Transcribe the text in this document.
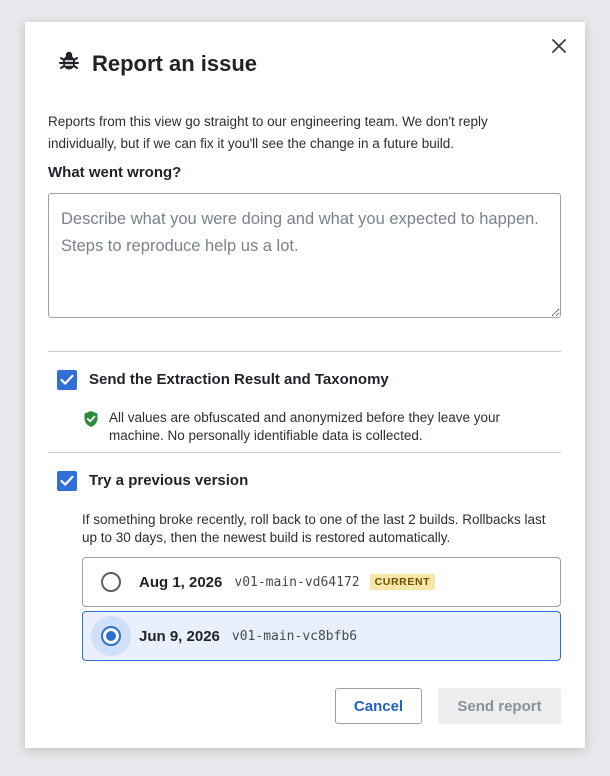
Report an issue
Reports from this view go straight to our engineering team. We don't reply individually, but if we can fix it you'll see the change in a future build.
What went wrong?
Describe what you were doing and what you expected to happen. Steps to reproduce help us a lot.
Send the Extraction Result and Taxonomy
All values are obfuscated and anonymized before they leave your machine. No personally identifiable data is collected.
Try a previous version
If something broke recently, roll back to one of the last 2 builds. Rollbacks last up to 30 days, then the newest build is restored automatically.
Aug 1, 2026 v01-main-vd64172	CURRENT
Jun 9, 2026 v01-main-vc8bfb6
Cancel	Send report
